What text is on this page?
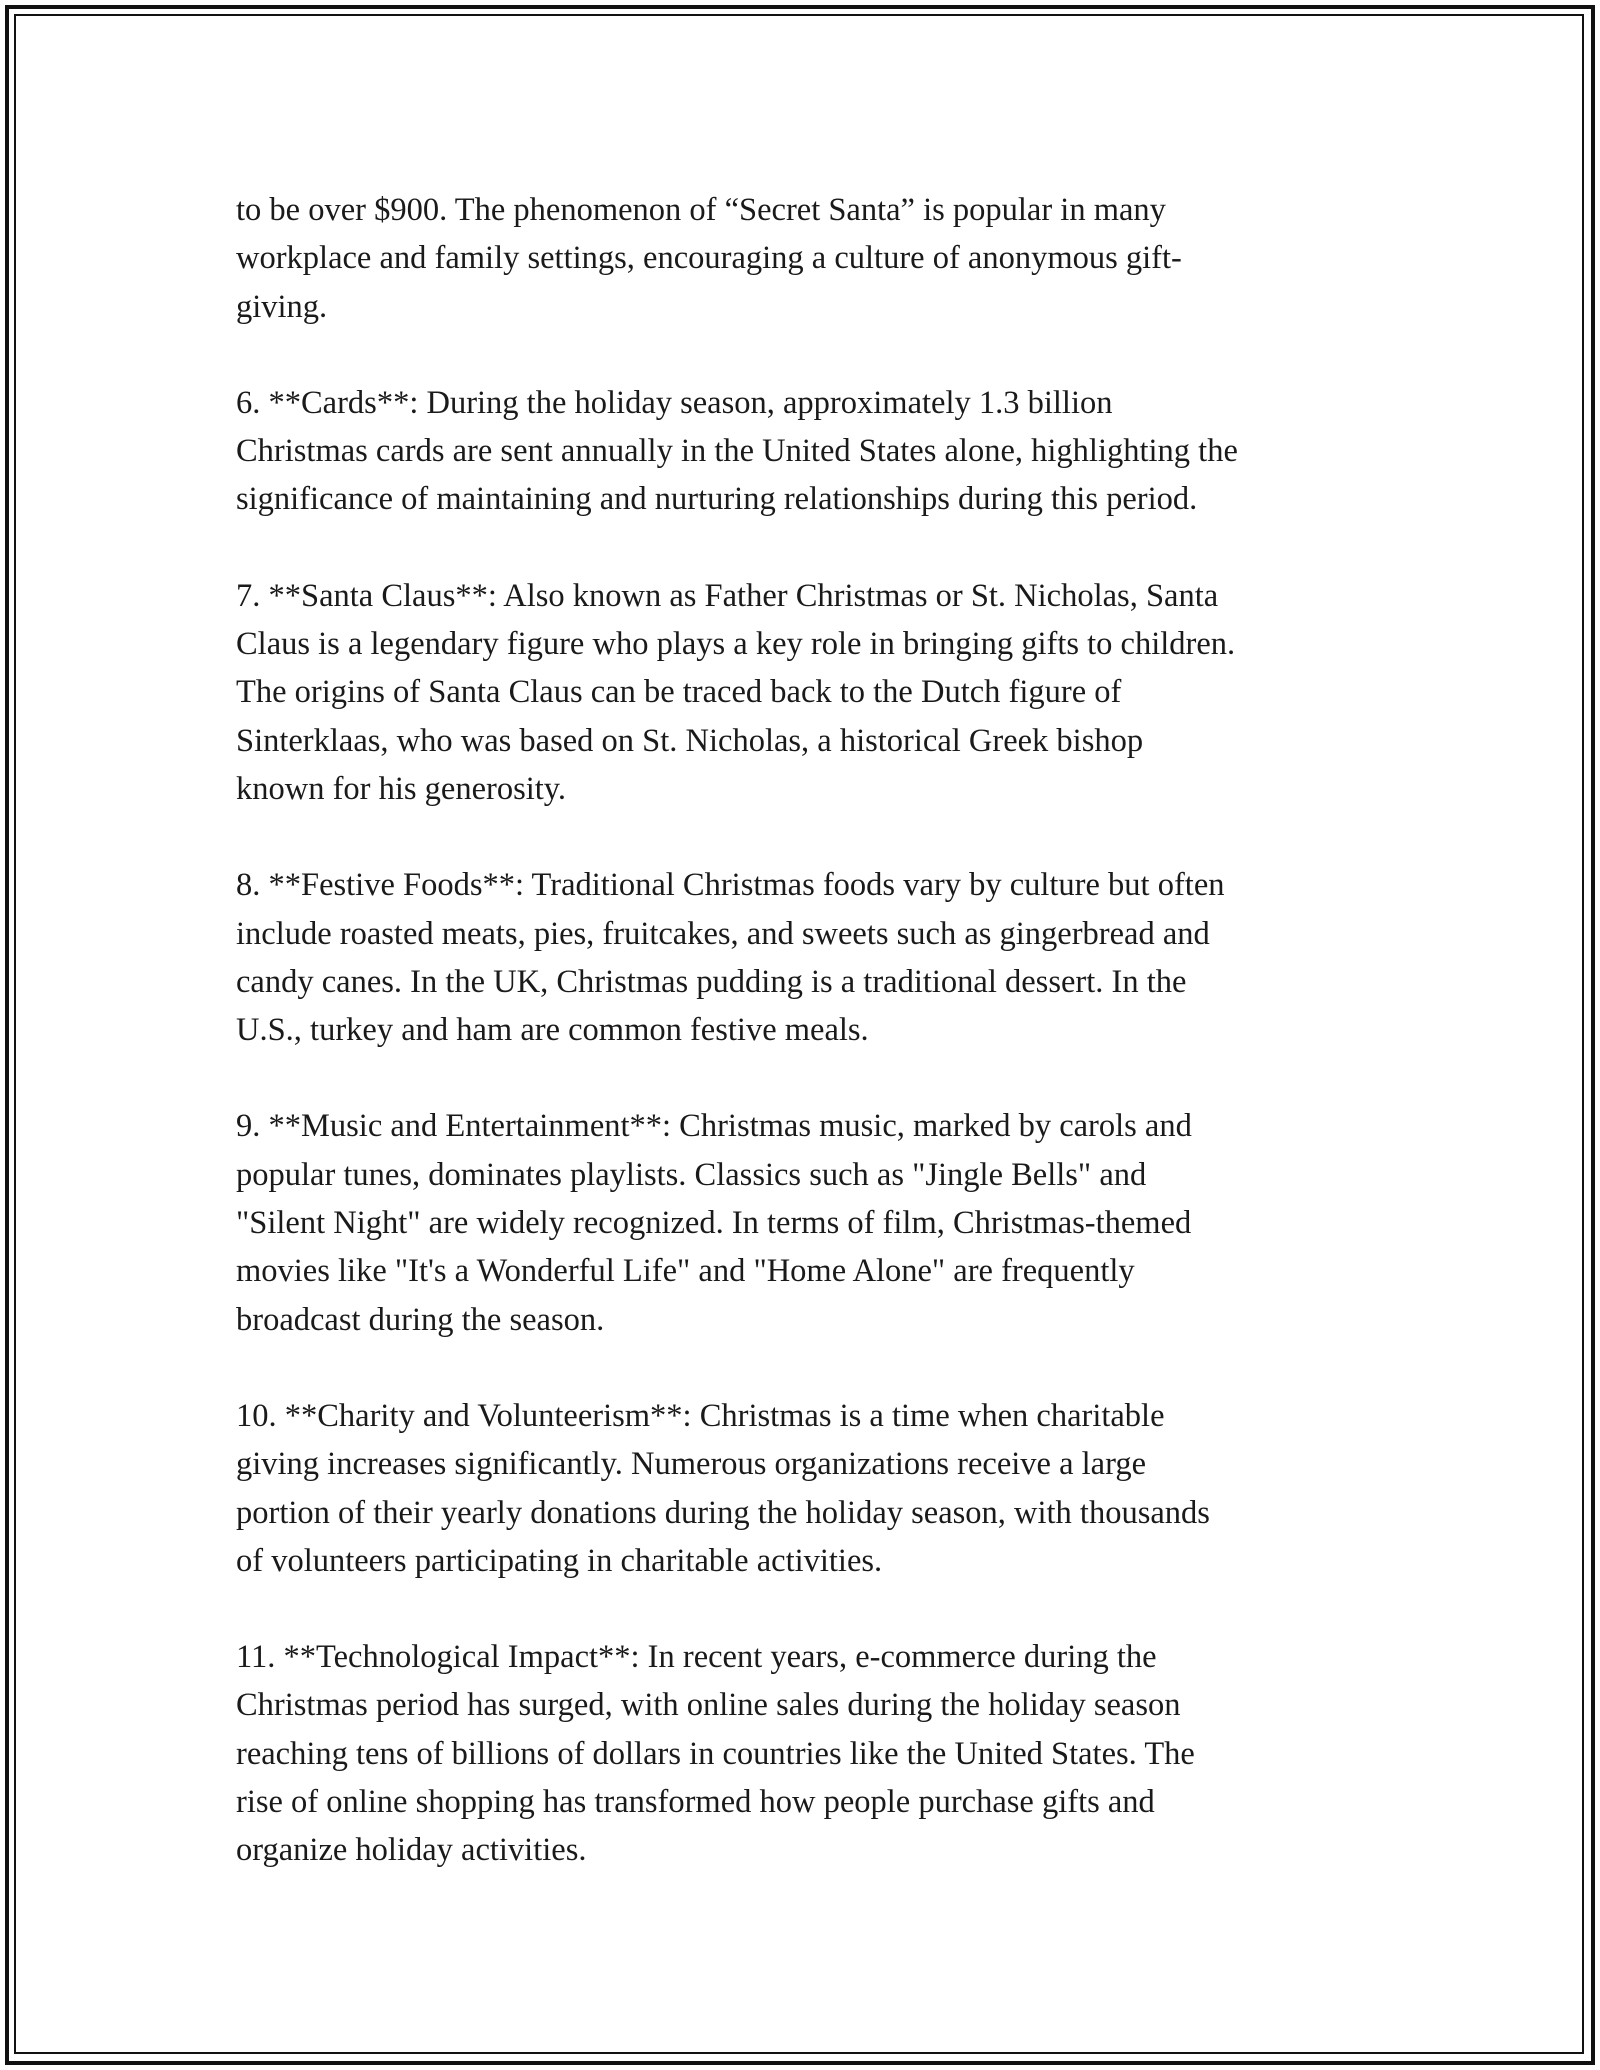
to be over $900. The phenomenon of “Secret Santa” is popular in many
workplace and family settings, encouraging a culture of anonymous gift-
giving.

6. **Cards**: During the holiday season, approximately 1.3 billion
Christmas cards are sent annually in the United States alone, highlighting the
significance of maintaining and nurturing relationships during this period.

7. **Santa Claus**: Also known as Father Christmas or St. Nicholas, Santa
Claus is a legendary figure who plays a key role in bringing gifts to children.
The origins of Santa Claus can be traced back to the Dutch figure of
Sinterklaas, who was based on St. Nicholas, a historical Greek bishop
known for his generosity.

8. **Festive Foods**: Traditional Christmas foods vary by culture but often
include roasted meats, pies, fruitcakes, and sweets such as gingerbread and
candy canes. In the UK, Christmas pudding is a traditional dessert. In the
U.S., turkey and ham are common festive meals.

9. **Music and Entertainment**: Christmas music, marked by carols and
popular tunes, dominates playlists. Classics such as "Jingle Bells" and
"Silent Night" are widely recognized. In terms of film, Christmas-themed
movies like "It's a Wonderful Life" and "Home Alone" are frequently
broadcast during the season.

10. **Charity and Volunteerism**: Christmas is a time when charitable
giving increases significantly. Numerous organizations receive a large
portion of their yearly donations during the holiday season, with thousands
of volunteers participating in charitable activities.

11. **Technological Impact**: In recent years, e-commerce during the
Christmas period has surged, with online sales during the holiday season
reaching tens of billions of dollars in countries like the United States. The
rise of online shopping has transformed how people purchase gifts and
organize holiday activities.
